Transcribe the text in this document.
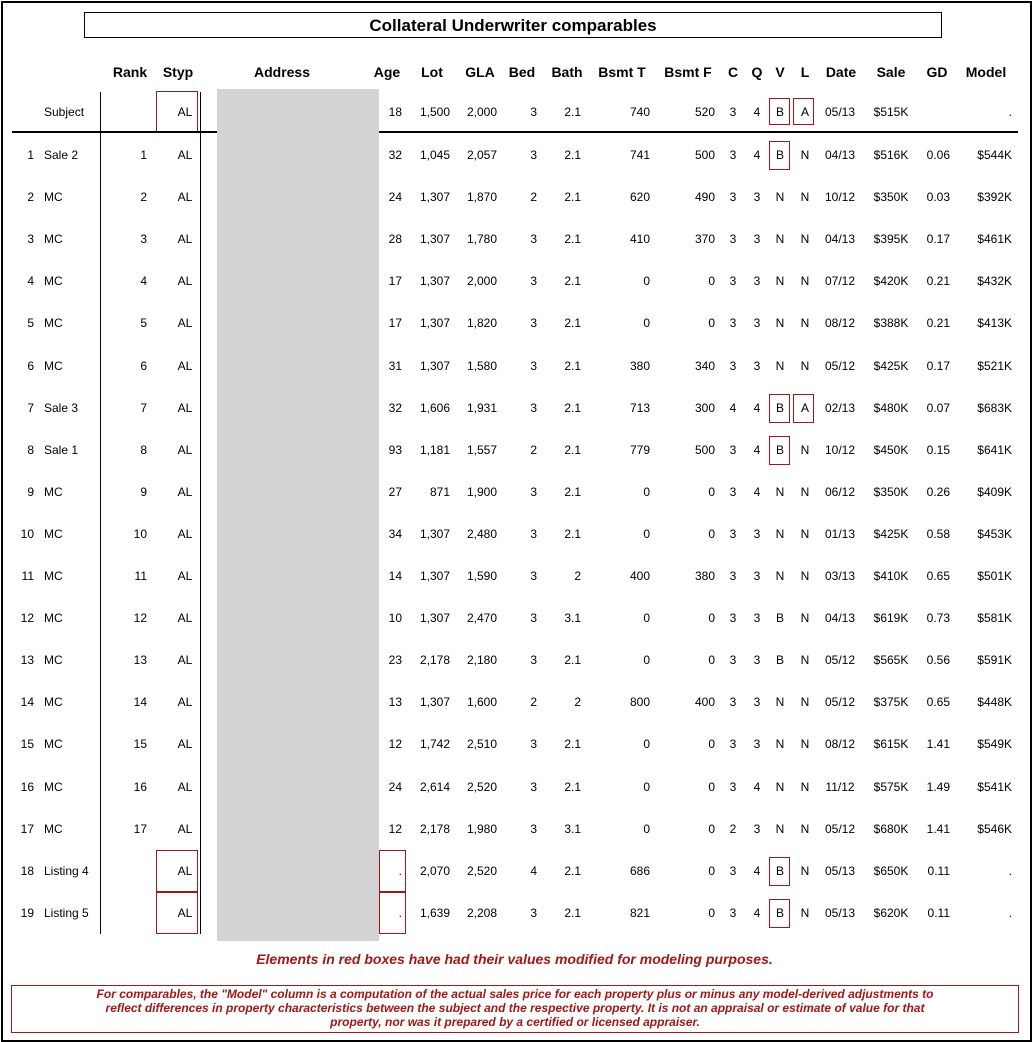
Collateral Underwriter comparables
Rank Styp	Address	Age Lot GLA Bed Bath Bsmt T Bsmt F C Q V L Date Sale GD Model
Subject	AL	18 1,500 2,000	3 2.1	740	520 3 4 B A 05/13 $515K	.
1 Sale 2	1	AL	32 1,045 2,057	3 2.1	741	500 3 4 B N 04/13 $516K 0.06 $544K
2 MC	2	AL	24 1,307 1,870	2 2.1	620	490 3 3 N N 10/12 $350K 0.03 $392K
3 MC	3	AL	28 1,307 1,780	3 2.1	410	370 3 3 N N 04/13 $395K 0.17 $461K
4 MC	4	AL	17 1,307 2,000	3 2.1	0	0 3 3 N N 07/12 $420K 0.21 $432K
5 MC	5	AL	17 1,307 1,820	3 2.1	0	0 3 3 N N 08/12 $388K 0.21 $413K
6 MC	6	AL	31 1,307 1,580	3 2.1	380	340 3 3 N N 05/12 $425K 0.17 $521K
7 Sale 3	7	AL	32 1,606 1,931	3 2.1	713	300 4 4 B A 02/13 $480K 0.07 $683K
8 Sale 1	8	AL	93 1,181 1,557	2 2.1	779	500 3 4 B N 10/12 $450K 0.15 $641K
9 MC	9	AL	27 871 1,900	3 2.1	0	0 3 4 N N 06/12 $350K 0.26 $409K
10 MC	10	AL	34 1,307 2,480	3 2.1	0	0 3 3 N N 01/13 $425K 0.58 $453K
11 MC	11	AL	14 1,307 1,590	3	2	400	380 3 3 N N 03/13 $410K 0.65 $501K
12 MC	12	AL	10 1,307 2,470	3 3.1	0	0 3 3 B N 04/13 $619K 0.73 $581K
13 MC	13	AL	23 2,178 2,180	3 2.1	0	0 3 3 B N 05/12 $565K 0.56 $591K
14 MC	14	AL	13 1,307 1,600	2	2	800	400 3 3 N N 05/12 $375K 0.65 $448K
15 MC	15	AL	12 1,742 2,510	3 2.1	0	0 3 3 N N 08/12 $615K 1.41 $549K
16 MC	16	AL	24 2,614 2,520	3 2.1	0	0 3 4 N N 11/12 $575K 1.49 $541K
17 MC	17	AL	12 2,178 1,980	3 3.1	0	0 2 3 N N 05/12 $680K 1.41 $546K
18 Listing 4	AL	. 2,070 2,520	4 2.1	686	0 3 4 B N 05/13 $650K 0.11	.
19 Listing 5	AL	. 1,639 2,208	3 2.1	821	0 3 4 B N 05/13 $620K 0.11	.
Elements in red boxes have had their values modified for modeling purposes.
For comparables, the "Model" column is a computation of the actual sales price for each property plus or minus any model-derived adjustments to
reflect differences in property characteristics between the subject and the respective property. It is not an appraisal or estimate of value for that
property, nor was it prepared by a certified or licensed appraiser.
